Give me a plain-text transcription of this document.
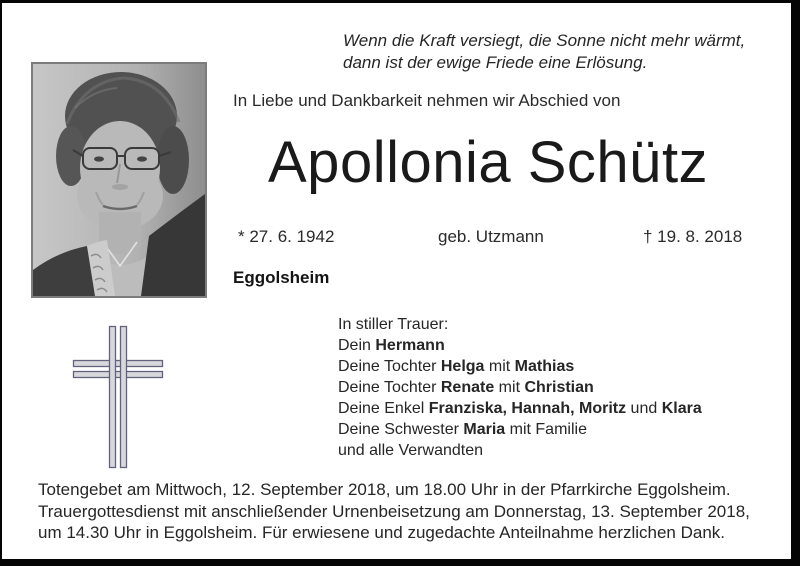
Wenn die Kraft versiegt, die Sonne nicht mehr wärmt,
dann ist der ewige Friede eine Erlösung.
In Liebe und Dankbarkeit nehmen wir Abschied von
Apollonia Schütz
* 27. 6. 1942	geb. Utzmann	† 19. 8. 2018
Eggolsheim
In stiller Trauer:
Dein Hermann
Deine Tochter Helga mit Mathias
Deine Tochter Renate mit Christian
Deine Enkel Franziska, Hannah, Moritz und Klara
Deine Schwester Maria mit Familie
und alle Verwandten
Totengebet am Mittwoch, 12. September 2018, um 18.00 Uhr in der Pfarrkirche Eggolsheim.
Trauergottesdienst mit anschließender Urnenbeisetzung am Donnerstag, 13. September 2018,
um 14.30 Uhr in Eggolsheim. Für erwiesene und zugedachte Anteilnahme herzlichen Dank.
